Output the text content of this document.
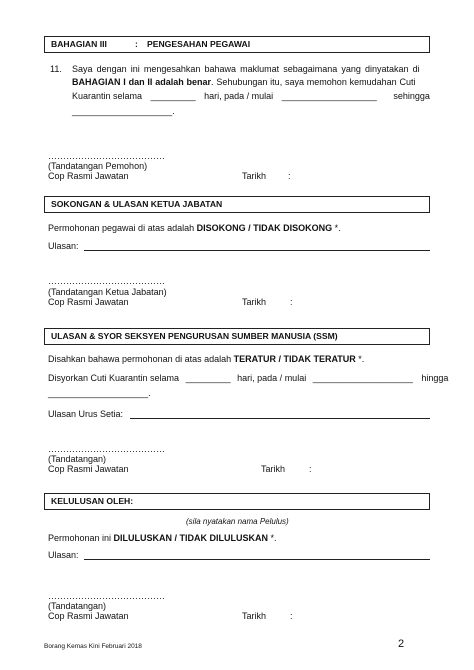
BAHAGIAN III	: PENGESAHAN PEGAWAI
11. Saya dengan ini mengesahkan bahawa maklumat sebagaimana yang dinyatakan di
BAHAGIAN I dan II adalah benar. Sehubungan itu, saya memohon kemudahan Cuti
Kuarantin selama _________ hari, pada / mulai ___________________ sehingga
____________________.
…………………………………
(Tandatangan Pemohon)
Cop Rasmi Jawatan	Tarikh :
SOKONGAN & ULASAN KETUA JABATAN
Permohonan pegawai di atas adalah DISOKONG / TIDAK DISOKONG *.
Ulasan:
…………………………………
(Tandatangan Ketua Jabatan)
Cop Rasmi Jawatan	Tarikh	:
ULASAN & SYOR SEKSYEN PENGURUSAN SUMBER MANUSIA (SSM)
Disahkan bahawa permohonan di atas adalah TERATUR / TIDAK TERATUR *.
Disyorkan Cuti Kuarantin selama _________ hari, pada / mulai ____________________ hingga
____________________.
Ulasan Urus Setia:
…………………………………
(Tandatangan)
Cop Rasmi Jawatan	Tarikh	:
KELULUSAN OLEH:
(sila nyatakan nama Pelulus)
Permohonan ini DILULUSKAN / TIDAK DILULUSKAN *.
Ulasan:
…………………………………
(Tandatangan)
Cop Rasmi Jawatan	Tarikh	:
Borang Kemas Kini Februari 2018	2
